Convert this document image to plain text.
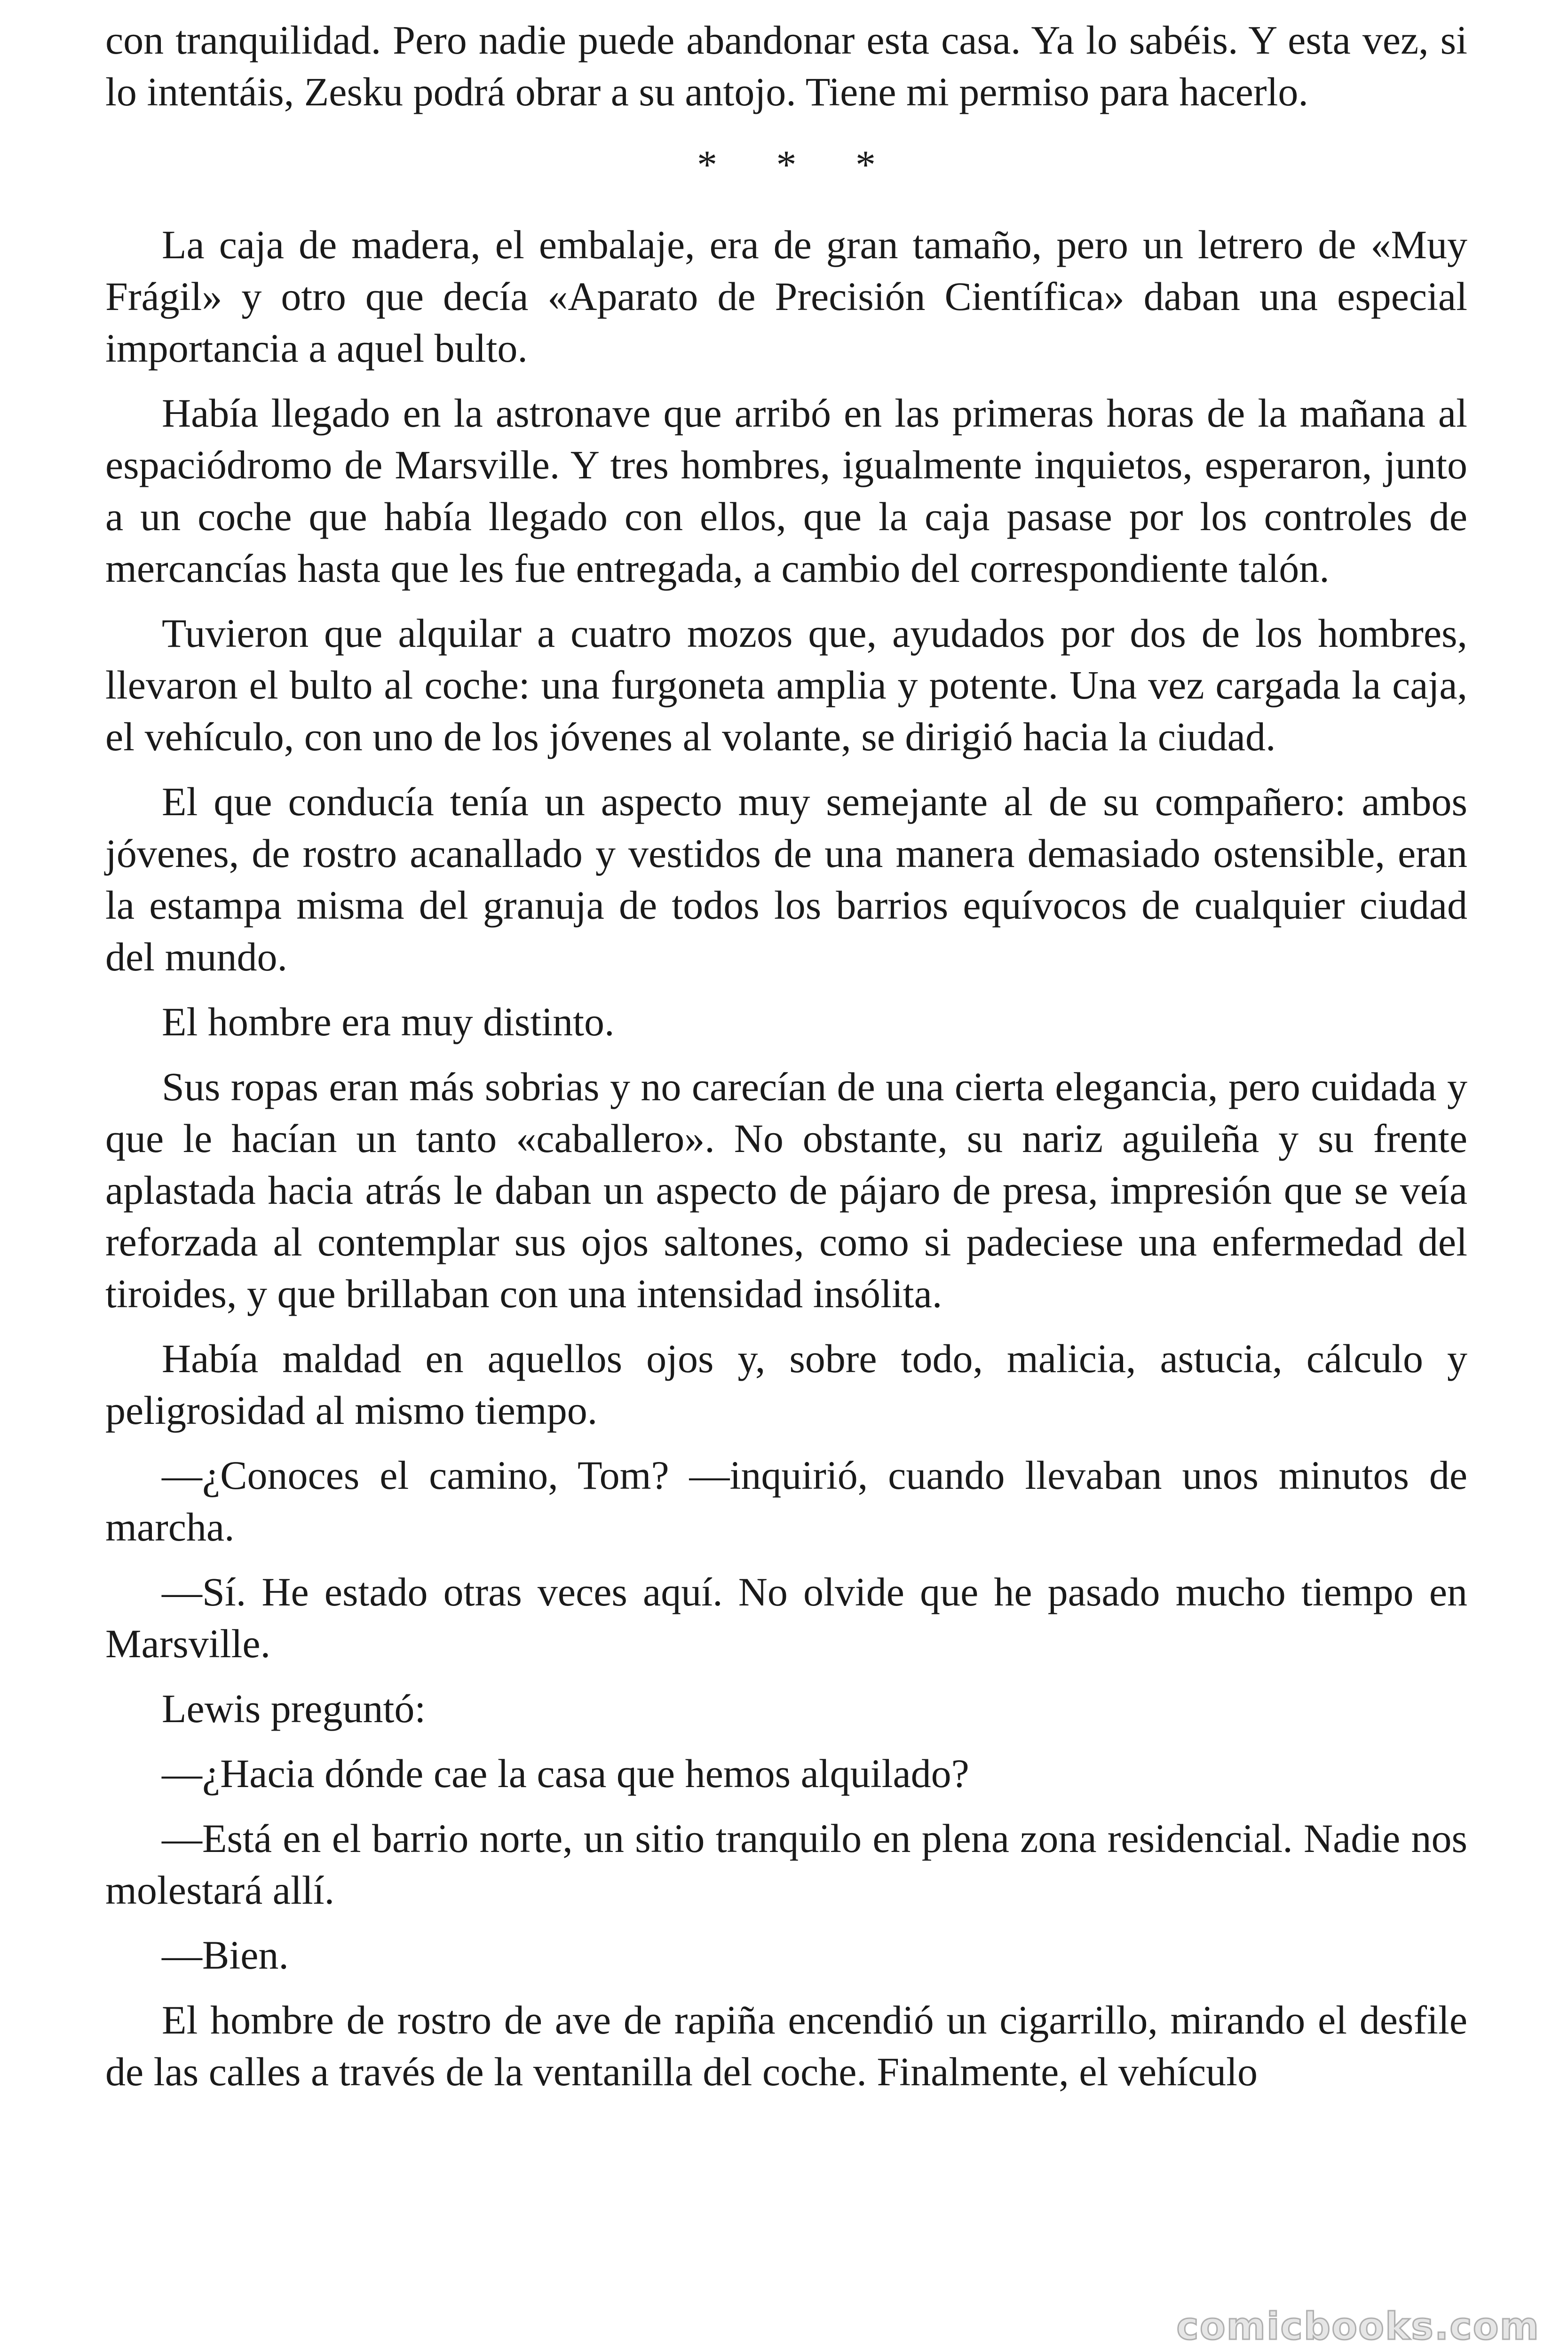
con tranquilidad. Pero nadie puede abandonar esta casa. Ya lo sabéis. Y esta vez, si lo intentáis, Zesku podrá obrar a su antojo. Tiene mi permiso para hacerlo.

* * *

La caja de madera, el embalaje, era de gran tamaño, pero un letrero de «Muy Frágil» y otro que decía «Aparato de Precisión Científica» daban una especial importancia a aquel bulto.

Había llegado en la astronave que arribó en las primeras horas de la mañana al espaciódromo de Marsville. Y tres hombres, igualmente inquietos, esperaron, junto a un coche que había llegado con ellos, que la caja pasase por los controles de mercancías hasta que les fue entregada, a cambio del correspondiente talón.

Tuvieron que alquilar a cuatro mozos que, ayudados por dos de los hombres, llevaron el bulto al coche: una furgoneta amplia y potente. Una vez cargada la caja, el vehículo, con uno de los jóvenes al volante, se dirigió hacia la ciudad.

El que conducía tenía un aspecto muy semejante al de su compañero: ambos jóvenes, de rostro acanallado y vestidos de una manera demasiado ostensible, eran la estampa misma del granuja de todos los barrios equívocos de cualquier ciudad del mundo.

El hombre era muy distinto.

Sus ropas eran más sobrias y no carecían de una cierta elegancia, pero cuidada y que le hacían un tanto «caballero». No obstante, su nariz aguileña y su frente aplastada hacia atrás le daban un aspecto de pájaro de presa, impresión que se veía reforzada al contemplar sus ojos saltones, como si padeciese una enfermedad del tiroides, y que brillaban con una intensidad insólita.

Había maldad en aquellos ojos y, sobre todo, malicia, astucia, cálculo y peligrosidad al mismo tiempo.

—¿Conoces el camino, Tom? —inquirió, cuando llevaban unos minutos de marcha.

—Sí. He estado otras veces aquí. No olvide que he pasado mucho tiempo en Marsville.

Lewis preguntó:

—¿Hacia dónde cae la casa que hemos alquilado?

—Está en el barrio norte, un sitio tranquilo en plena zona residencial. Nadie nos molestará allí.

—Bien.

El hombre de rostro de ave de rapiña encendió un cigarrillo, mirando el desfile de las calles a través de la ventanilla del coche. Finalmente, el vehículo

comicbooks.com
